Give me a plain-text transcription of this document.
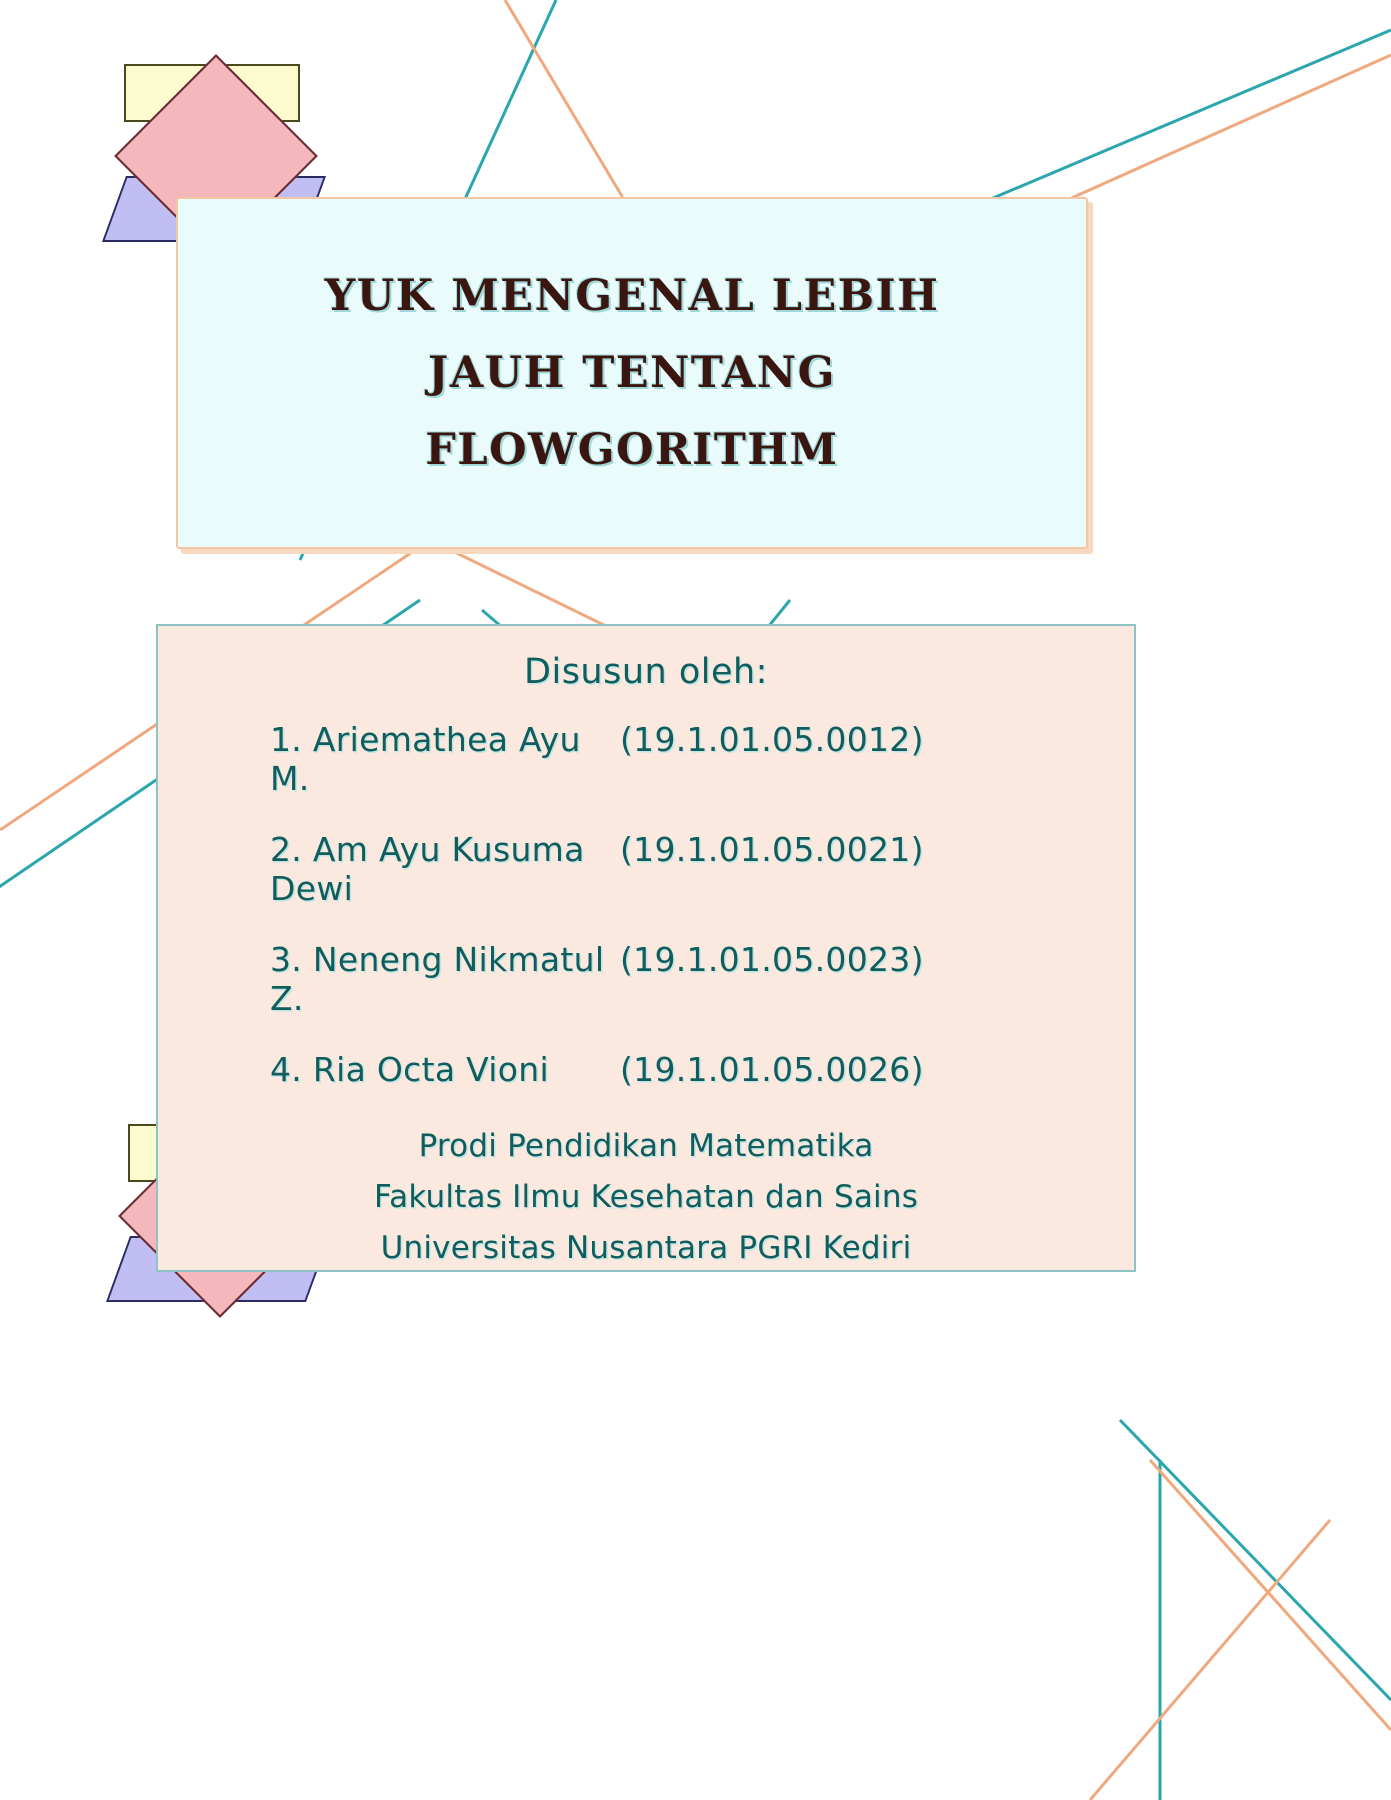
YUK MENGENAL LEBIH
JAUH TENTANG
FLOWGORITHM
Disusun oleh:
1. Ariemathea Ayu M.
(19.1.01.05.0012)
2. Am Ayu Kusuma Dewi
(19.1.01.05.0021)
3. Neneng Nikmatul Z.
(19.1.01.05.0023)
4. Ria Octa Vioni	(19.1.01.05.0026)
Prodi Pendidikan Matematika
Fakultas Ilmu Kesehatan dan Sains
Universitas Nusantara PGRI Kediri
